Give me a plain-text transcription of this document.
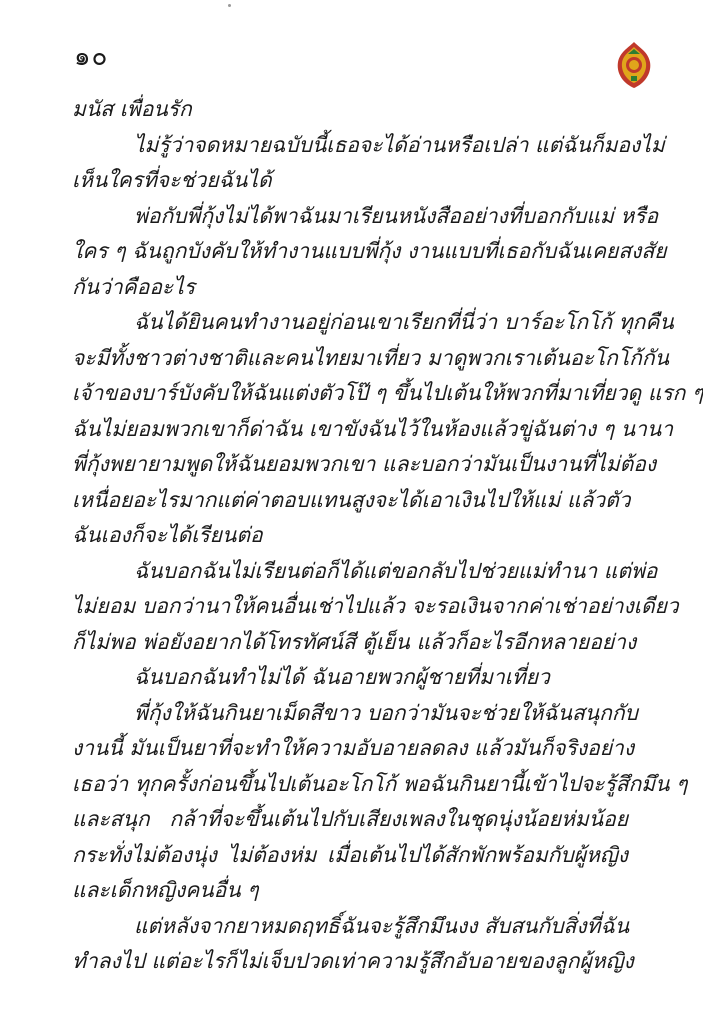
๑๐
มนัส เพื่อนรัก
ไม่รู้ว่าจดหมายฉบับนี้เธอจะได้อ่านหรือเปล่า แต่ฉันก็มองไม่
เห็นใครที่จะช่วยฉันได้
พ่อกับพี่กุ้งไม่ได้พาฉันมาเรียนหนังสืออย่างที่บอกกับแม่ หรือ
ใคร ๆ ฉันถูกบังคับให้ทำงานแบบพี่กุ้ง งานแบบที่เธอกับฉันเคยสงสัย
กันว่าคืออะไร
ฉันได้ยินคนทำงานอยู่ก่อนเขาเรียกที่นี่ว่า บาร์อะโกโก้ ทุกคืน
จะมีทั้งชาวต่างชาติและคนไทยมาเที่ยว มาดูพวกเราเต้นอะโกโก้กัน
เจ้าของบาร์บังคับให้ฉันแต่งตัวโป๊ ๆ ขึ้นไปเต้นให้พวกที่มาเที่ยวดู แรก ๆ
ฉันไม่ยอมพวกเขาก็ด่าฉัน เขาขังฉันไว้ในห้องแล้วขู่ฉันต่าง ๆ นานา
พี่กุ้งพยายามพูดให้ฉันยอมพวกเขา และบอกว่ามันเป็นงานที่ไม่ต้อง
เหนื่อยอะไรมากแต่ค่าตอบแทนสูงจะได้เอาเงินไปให้แม่ แล้วตัว
ฉันเองก็จะได้เรียนต่อ
ฉันบอกฉันไม่เรียนต่อก็ได้แต่ขอกลับไปช่วยแม่ทำนา แต่พ่อ
ไม่ยอม บอกว่านาให้คนอื่นเช่าไปแล้ว จะรอเงินจากค่าเช่าอย่างเดียว
ก็ไม่พอ พ่อยังอยากได้โทรทัศน์สี ตู้เย็น แล้วก็อะไรอีกหลายอย่าง
ฉันบอกฉันทำไม่ได้ ฉันอายพวกผู้ชายที่มาเที่ยว
พี่กุ้งให้ฉันกินยาเม็ดสีขาว บอกว่ามันจะช่วยให้ฉันสนุกกับ
งานนี้ มันเป็นยาที่จะทำให้ความอับอายลดลง แล้วมันก็จริงอย่าง
เธอว่า ทุกครั้งก่อนขึ้นไปเต้นอะโกโก้ พอฉันกินยานี้เข้าไปจะรู้สึกมึน ๆ
และสนุก กล้าที่จะขึ้นเต้นไปกับเสียงเพลงในชุดนุ่งน้อยห่มน้อย
กระทั่งไม่ต้องนุ่ง ไม่ต้องห่ม เมื่อเต้นไปได้สักพักพร้อมกับผู้หญิง
และเด็กหญิงคนอื่น ๆ
แต่หลังจากยาหมดฤทธิ์ฉันจะรู้สึกมึนงง สับสนกับสิ่งที่ฉัน
ทำลงไป แต่อะไรก็ไม่เจ็บปวดเท่าความรู้สึกอับอายของลูกผู้หญิง
